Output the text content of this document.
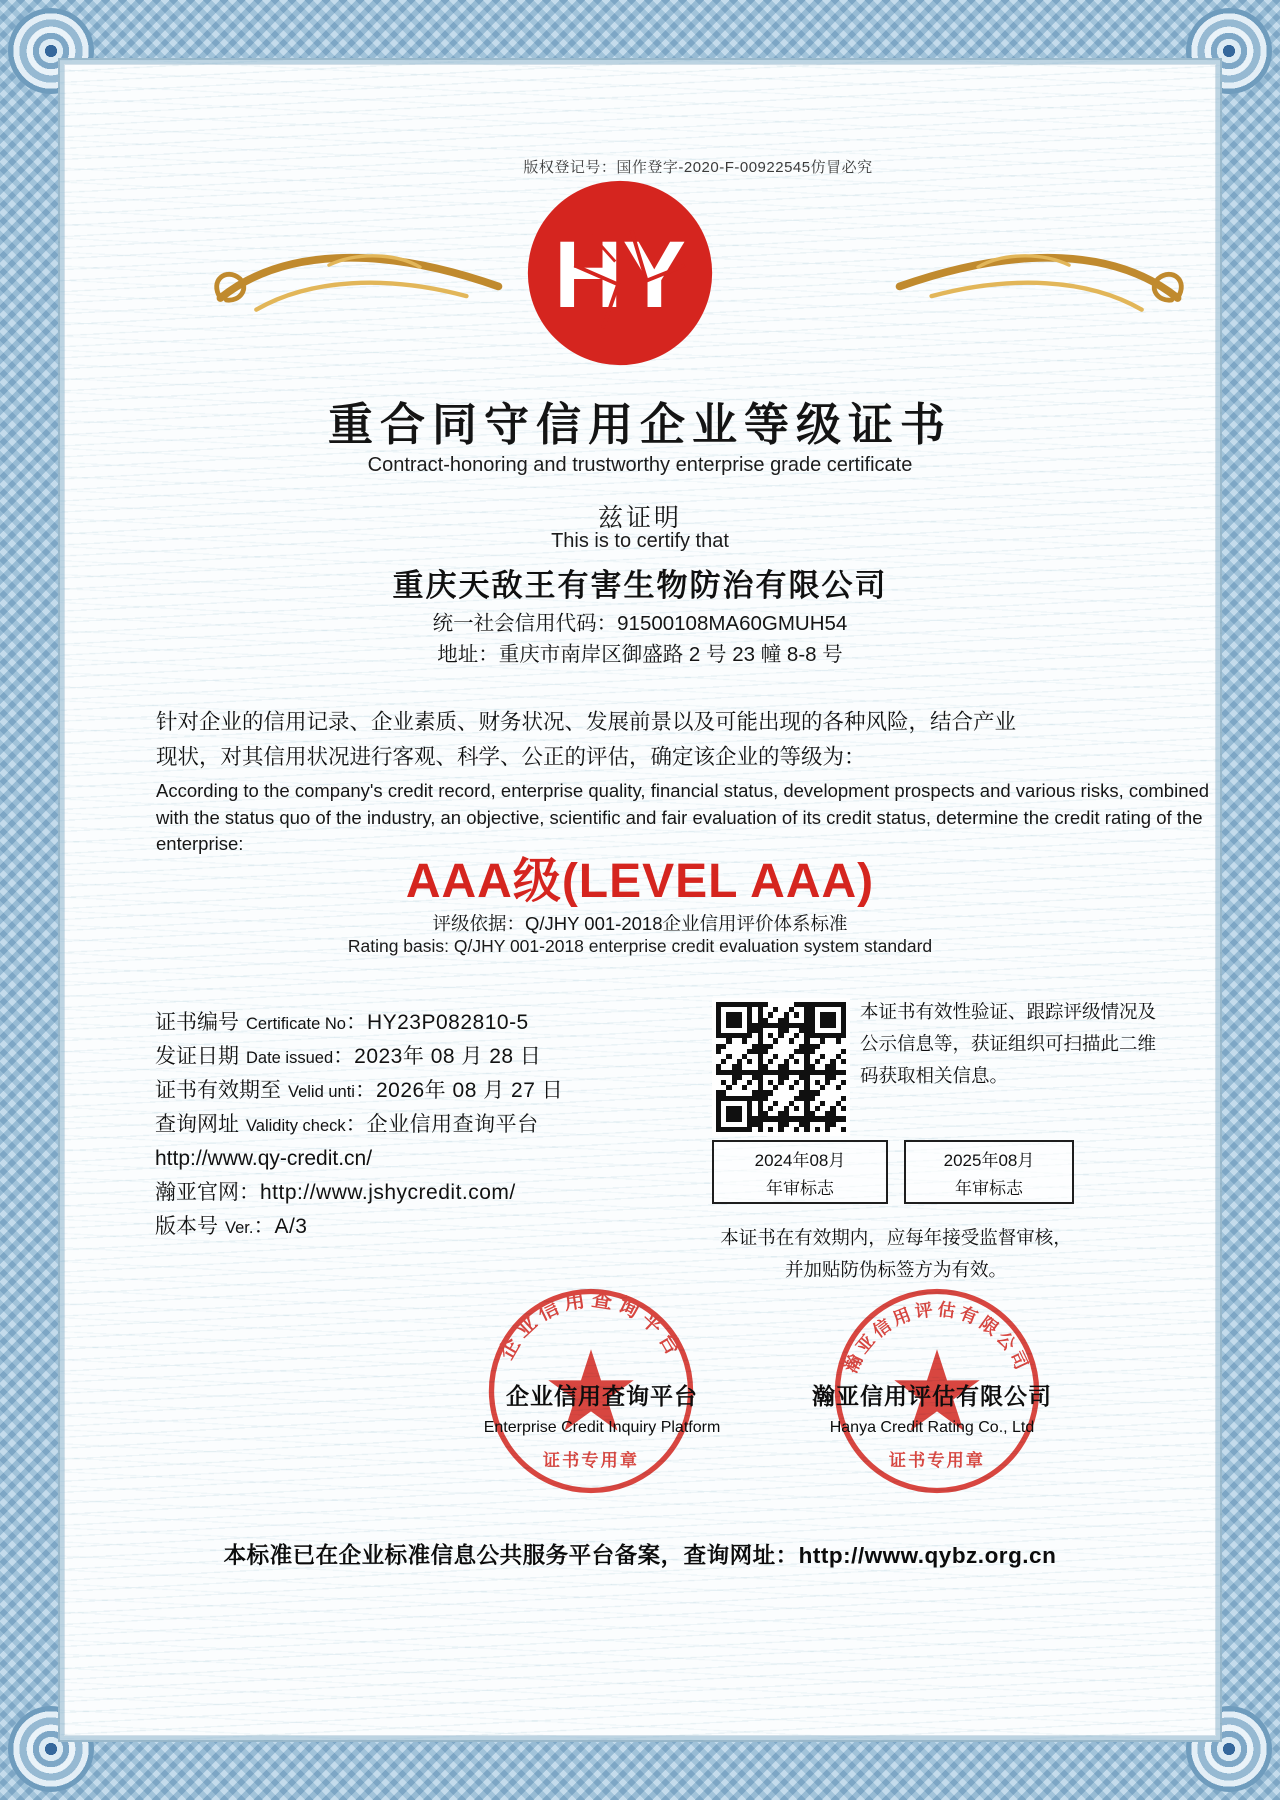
版权登记号：国作登字-2020-F-00922545仿冒必究
HY
重合同守信用企业等级证书
Contract-honoring and trustworthy enterprise grade certificate
兹证明
This is to certify that
重庆天敌王有害生物防治有限公司
统一社会信用代码：91500108MA60GMUH54
地址：重庆市南岸区御盛路 2 号 23 幢 8-8 号
针对企业的信用记录、企业素质、财务状况、发展前景以及可能出现的各种风险，结合产业
现状，对其信用状况进行客观、科学、公正的评估，确定该企业的等级为：
According to the company's credit record, enterprise quality, financial status, development prospects and various risks, combined with the status quo of the industry, an objective, scientific and fair evaluation of its credit status, determine the credit rating of the enterprise:
AAA级(LEVEL AAA)
评级依据：Q/JHY 001-2018企业信用评价体系标准
Rating basis: Q/JHY 001-2018 enterprise credit evaluation system standard
证书编号 Certificate No ： HY23P082810-5
发证日期 Date issued ： 2023年 08 月 28 日
证书有效期至 Velid unti ： 2026年 08 月 27 日
查询网址 Validity check ： 企业信用查询平台
http://www.qy-credit.cn/
瀚亚官网 ： http://www.jshycredit.com/
版本号 Ver. ： A/3
本证书有效性验证、跟踪评级情况及公示信息等，获证组织可扫描此二维码获取相关信息。
2024年08月
年审标志
2025年08月
年审标志
本证书在有效期内，应每年接受监督审核，
并加贴防伪标签方为有效。
企业信用查询平台
证书专用章
瀚亚信用评估有限公司
证书专用章
企业信用查询平台
Enterprise Credit Inquiry Platform
瀚亚信用评估有限公司
Hanya Credit Rating Co., Ltd
本标准已在企业标准信息公共服务平台备案，查询网址：http://www.qybz.org.cn
